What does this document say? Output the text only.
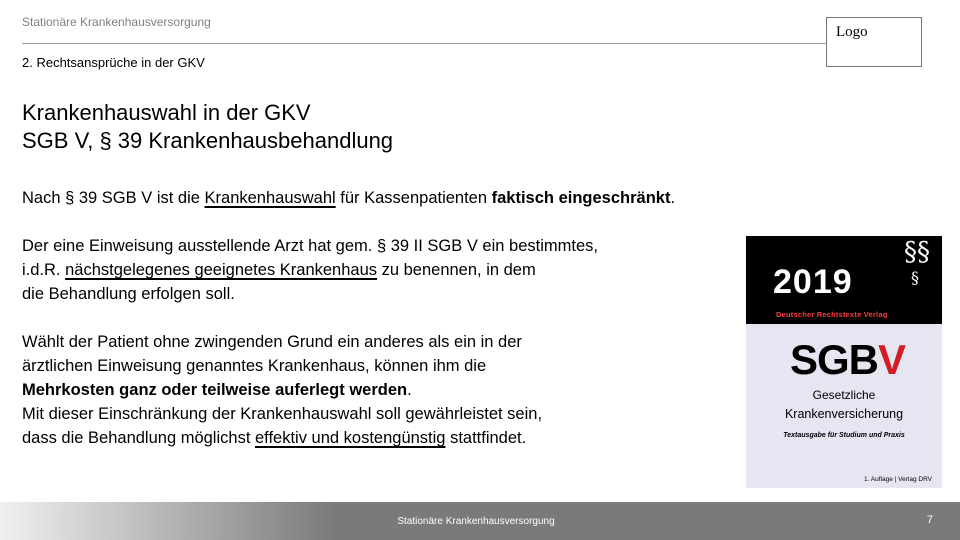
Stationäre Krankenhausversorgung
2. Rechtsansprüche in der GKV
Logo
Krankenhauswahl in der GKV
SGB V, § 39 Krankenhausbehandlung
Nach § 39 SGB V ist die Krankenhauswahl für Kassenpatienten faktisch eingeschränkt.
Der eine Einweisung ausstellende Arzt hat gem. § 39 II SGB V ein bestimmtes,
i.d.R. nächstgelegenes geeignetes Krankenhaus zu benennen, in dem
die Behandlung erfolgen soll.
Wählt der Patient ohne zwingenden Grund ein anderes als ein in der
ärztlichen Einweisung genanntes Krankenhaus, können ihm die
Mehrkosten ganz oder teilweise auferlegt werden.
Mit dieser Einschränkung der Krankenhauswahl soll gewährleistet sein,
dass die Behandlung möglichst effektiv und kostengünstig stattfindet.
2019
§§
§
Deutscher Rechtstexte Verlag
SGBV
Gesetzliche
Krankenversicherung
Textausgabe für Studium und Praxis
1. Auflage | Verlag DRV
Stationäre Krankenhausversorgung	7
